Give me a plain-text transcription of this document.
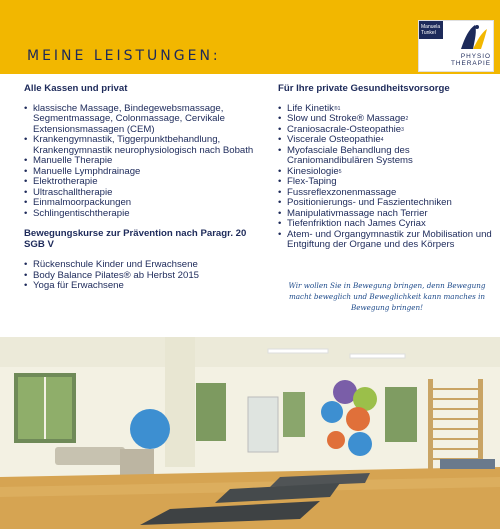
MEINE LEISTUNGEN:
Manuela Tunkel
PHYSIO
THERAPIE
Alle Kassen und privat
• klassische Massage, Bindegewebsmassage, Segmentmassage, Colonmassage, Cervikale Extensionsmassagen (CEM)
• Krankengymnastik, Tiggerpunktbehandlung, Krankengymnastik neurophysiologisch nach Bobath
• Manuelle Therapie
• Manuelle Lymphdrainage
• Elektrotherapie
• Ultraschalltherapie
• Einmalmoorpackungen
• Schlingentischtherapie
Bewegungskurse zur Prävention nach Paragr. 20 SGB V
• Rückenschule Kinder und Erwachsene
• Body Balance Pilates® ab Herbst 2015
• Yoga für Erwachsene
Für Ihre private Gesundheitsvorsorge
• Life Kinetik$^{®1}$
• Slow und Stroke® Massage$^2$
• Craniosacrale-Osteopathie$^3$
• Viscerale Osteopathie$^4$
• Myofasciale Behandlung des Craniomandibulären Systems
• Kinesiologie$^5$
• Flex-Taping
• Fussreflexzonenmassage
• Positionierungs- und Faszientechniken
• Manipulativmassage nach Terrier
• Tiefenfriktion nach James Cyriax
• Atem- und Organgymnastik zur Mobilisation und Entgiftung der Organe und des Körpers
Wir wollen Sie in Bewegung bringen, denn Bewegung macht beweglich und Beweglichkeit kann manches in Bewegung bringen!
